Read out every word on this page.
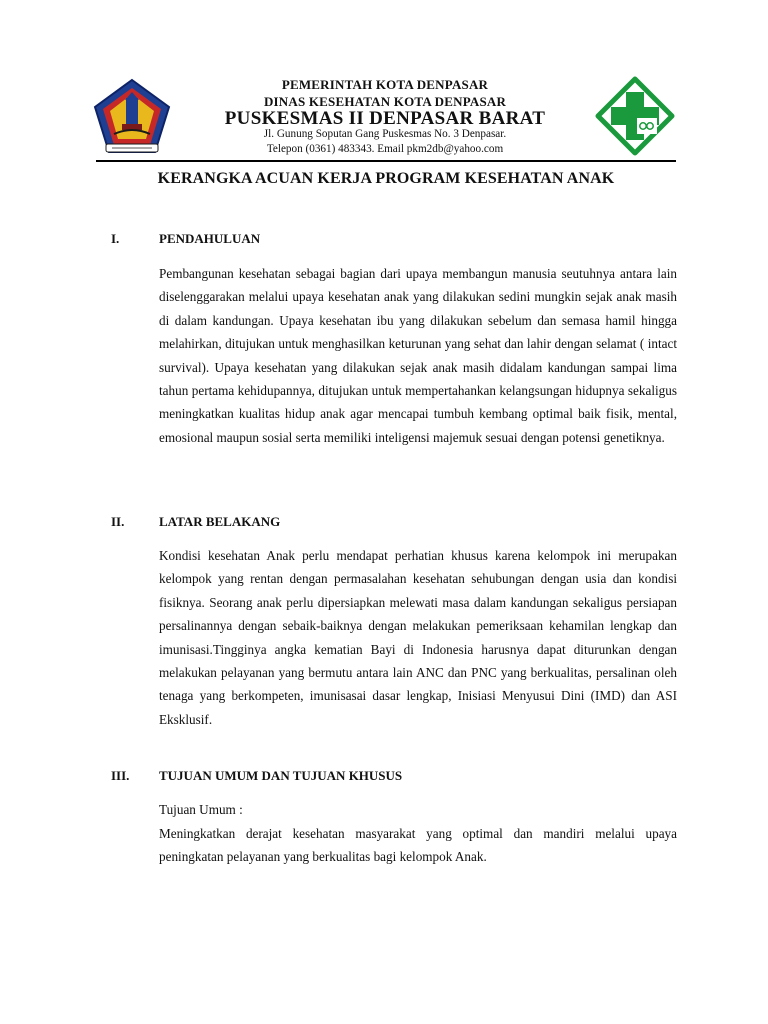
PEMERINTAH KOTA DENPASAR
DINAS KESEHATAN KOTA DENPASAR
PUSKESMAS II DENPASAR BARAT
Jl. Gunung Soputan Gang Puskesmas No. 3 Denpasar.
Telepon (0361) 483343. Email pkm2db@yahoo.com
KERANGKA ACUAN KERJA PROGRAM KESEHATAN ANAK
I.	PENDAHULUAN

Pembangunan kesehatan sebagai bagian dari upaya membangun manusia seutuhnya antara lain diselenggarakan melalui upaya kesehatan anak yang dilakukan sedini mungkin sejak anak masih di dalam kandungan. Upaya kesehatan ibu yang dilakukan sebelum dan semasa hamil hingga melahirkan, ditujukan untuk menghasilkan keturunan yang sehat dan lahir dengan selamat ( intact survival). Upaya kesehatan yang dilakukan sejak anak masih didalam kandungan sampai lima tahun pertama kehidupannya, ditujukan untuk mempertahankan kelangsungan hidupnya sekaligus meningkatkan kualitas hidup anak agar mencapai tumbuh kembang optimal baik fisik, mental, emosional maupun sosial serta memiliki inteligensi majemuk sesuai dengan potensi genetiknya.

II.	LATAR BELAKANG

Kondisi kesehatan Anak perlu mendapat perhatian khusus karena kelompok ini merupakan kelompok yang rentan dengan permasalahan kesehatan sehubungan dengan usia dan kondisi fisiknya. Seorang anak perlu dipersiapkan melewati masa dalam kandungan sekaligus persiapan persalinannya dengan sebaik-baiknya dengan melakukan pemeriksaan kehamilan lengkap dan imunisasi.Tingginya angka kematian Bayi di Indonesia harusnya dapat diturunkan dengan melakukan pelayanan yang bermutu antara lain ANC dan PNC yang berkualitas, persalinan oleh tenaga yang berkompeten, imunisasai dasar lengkap, Inisiasi Menyusui Dini (IMD) dan ASI Eksklusif.

III. TUJUAN UMUM DAN TUJUAN KHUSUS
Tujuan Umum :

Meningkatkan derajat kesehatan masyarakat yang optimal dan mandiri melalui upaya peningkatan pelayanan yang berkualitas bagi kelompok Anak.
